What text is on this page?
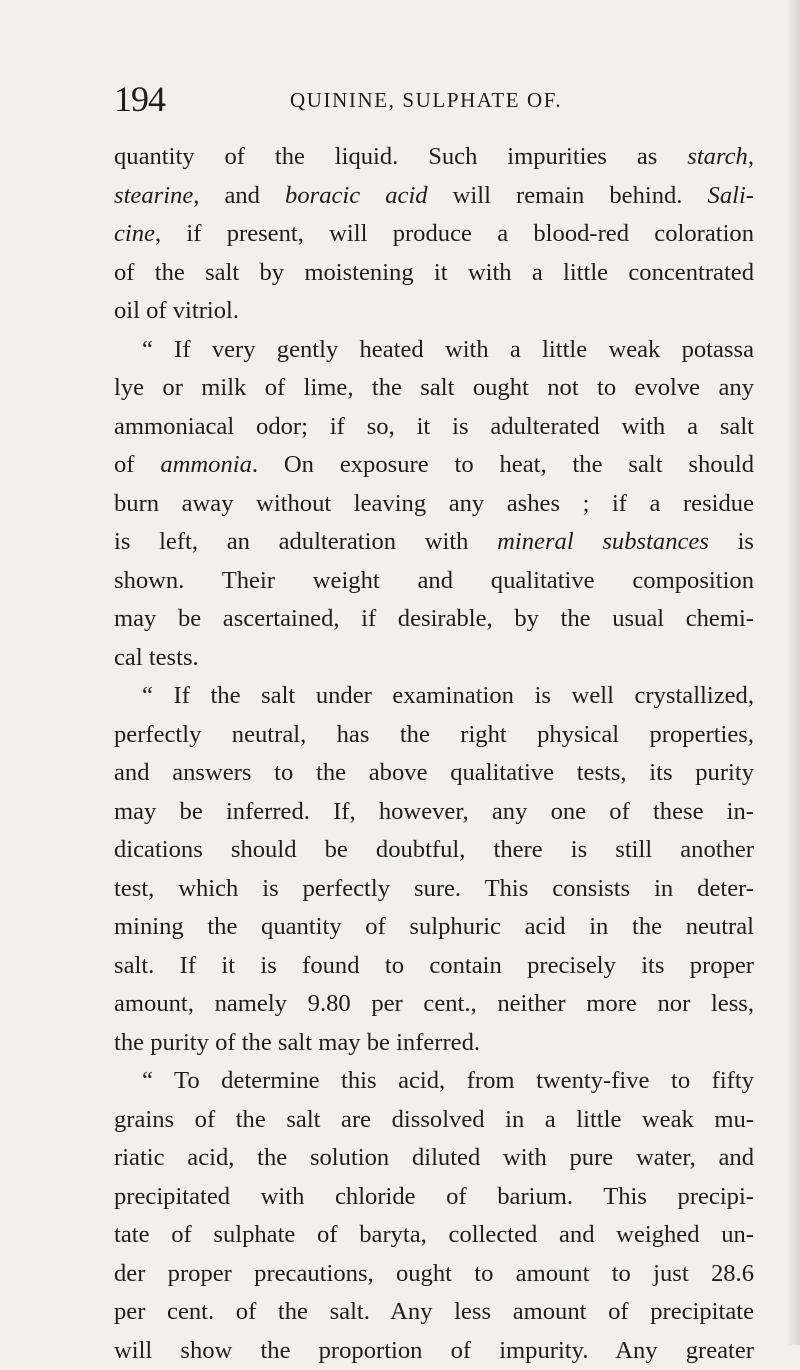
194	QUININE, SULPHATE OF.
quantity of the liquid. Such impurities as starch,
stearine, and boracic acid will remain behind. Sali-
cine, if present, will produce a blood-red coloration
of the salt by moistening it with a little concentrated
oil of vitriol.
“ If very gently heated with a little weak potassa
lye or milk of lime, the salt ought not to evolve any
ammoniacal odor; if so, it is adulterated with a salt
of ammonia. On exposure to heat, the salt should
burn away without leaving any ashes ; if a residue
is left, an adulteration with mineral substances is
shown. Their weight and qualitative composition
may be ascertained, if desirable, by the usual chemi-
cal tests.
“ If the salt under examination is well crystallized,
perfectly neutral, has the right physical properties,
and answers to the above qualitative tests, its purity
may be inferred. If, however, any one of these in-
dications should be doubtful, there is still another
test, which is perfectly sure. This consists in deter-
mining the quantity of sulphuric acid in the neutral
salt. If it is found to contain precisely its proper
amount, namely 9.80 per cent., neither more nor less,
the purity of the salt may be inferred.
“ To determine this acid, from twenty-five to fifty
grains of the salt are dissolved in a little weak mu-
riatic acid, the solution diluted with pure water, and
precipitated with chloride of barium. This precipi-
tate of sulphate of baryta, collected and weighed un-
der proper precautions, ought to amount to just 28.6
per cent. of the salt. Any less amount of precipitate
will show the proportion of impurity. Any greater
